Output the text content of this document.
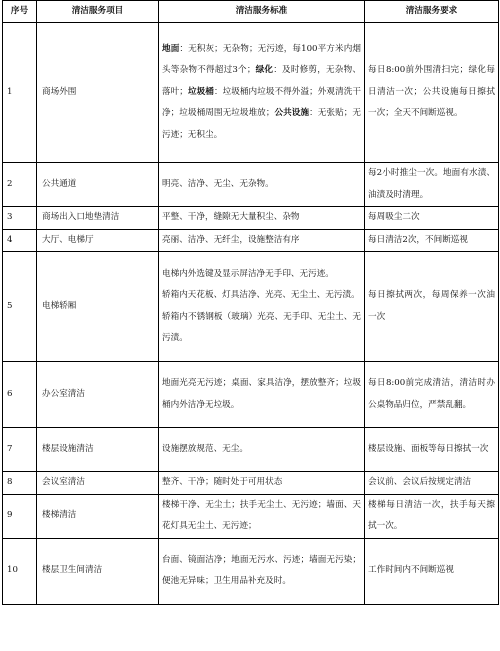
序号	清洁服务项目	清洁服务标准	清洁服务要求
1	商场外围	地面：无积灰；无杂物；无污迹，每100平方米内烟头等杂物不得超过3个；绿化：及时修剪，无杂物、落叶；垃圾桶：垃圾桶内垃圾不得外溢；外观清洗干净；垃圾桶周围无垃圾堆放；公共设施：无张贴；无污迹；无积尘。	每日8:00前外围清扫完；绿化每日清洁一次；公共设施每日擦拭一次；全天不间断巡视。
2	公共通道	明亮、洁净、无尘、无杂物。	每2小时推尘一次。地面有水渍、油渍及时清理。
3	商场出入口地垫清洁	平整、干净，缝隙无大量积尘、杂物	每周吸尘二次
4	大厅、电梯厅	亮丽、洁净、无纤尘，设施整洁有序	每日清洁2次，不间断巡视
5	电梯轿厢	电梯内外选键及显示屏洁净无手印、无污迹。
轿箱内天花板、灯具洁净、光亮、无尘土、无污渍。
轿箱内不锈钢板（玻璃）光亮、无手印、无尘土、无污渍。	每日擦拭两次，每周保养一次油一次
6	办公室清洁	地面光亮无污迹；桌面、家具洁净，摆放整齐；垃圾桶内外洁净无垃圾。	每日8:00前完成清洁，清洁时办公桌物品归位，严禁乱翻。
7	楼层设施清洁	设施摆放规范、无尘。	楼层设施、面板等每日擦拭一次
8	会议室清洁	整齐、干净；随时处于可用状态	会议前、会议后按规定清洁
9	楼梯清洁	楼梯干净、无尘土；扶手无尘土、无污迹；墙面、天花灯具无尘土、无污迹；	楼梯每日清洁一次，扶手每天擦拭一次。
10	楼层卫生间清洁	台面、镜面洁净；地面无污水、污迹；墙面无污染；便池无异味；卫生用品补充及时。	工作时间内不间断巡视
